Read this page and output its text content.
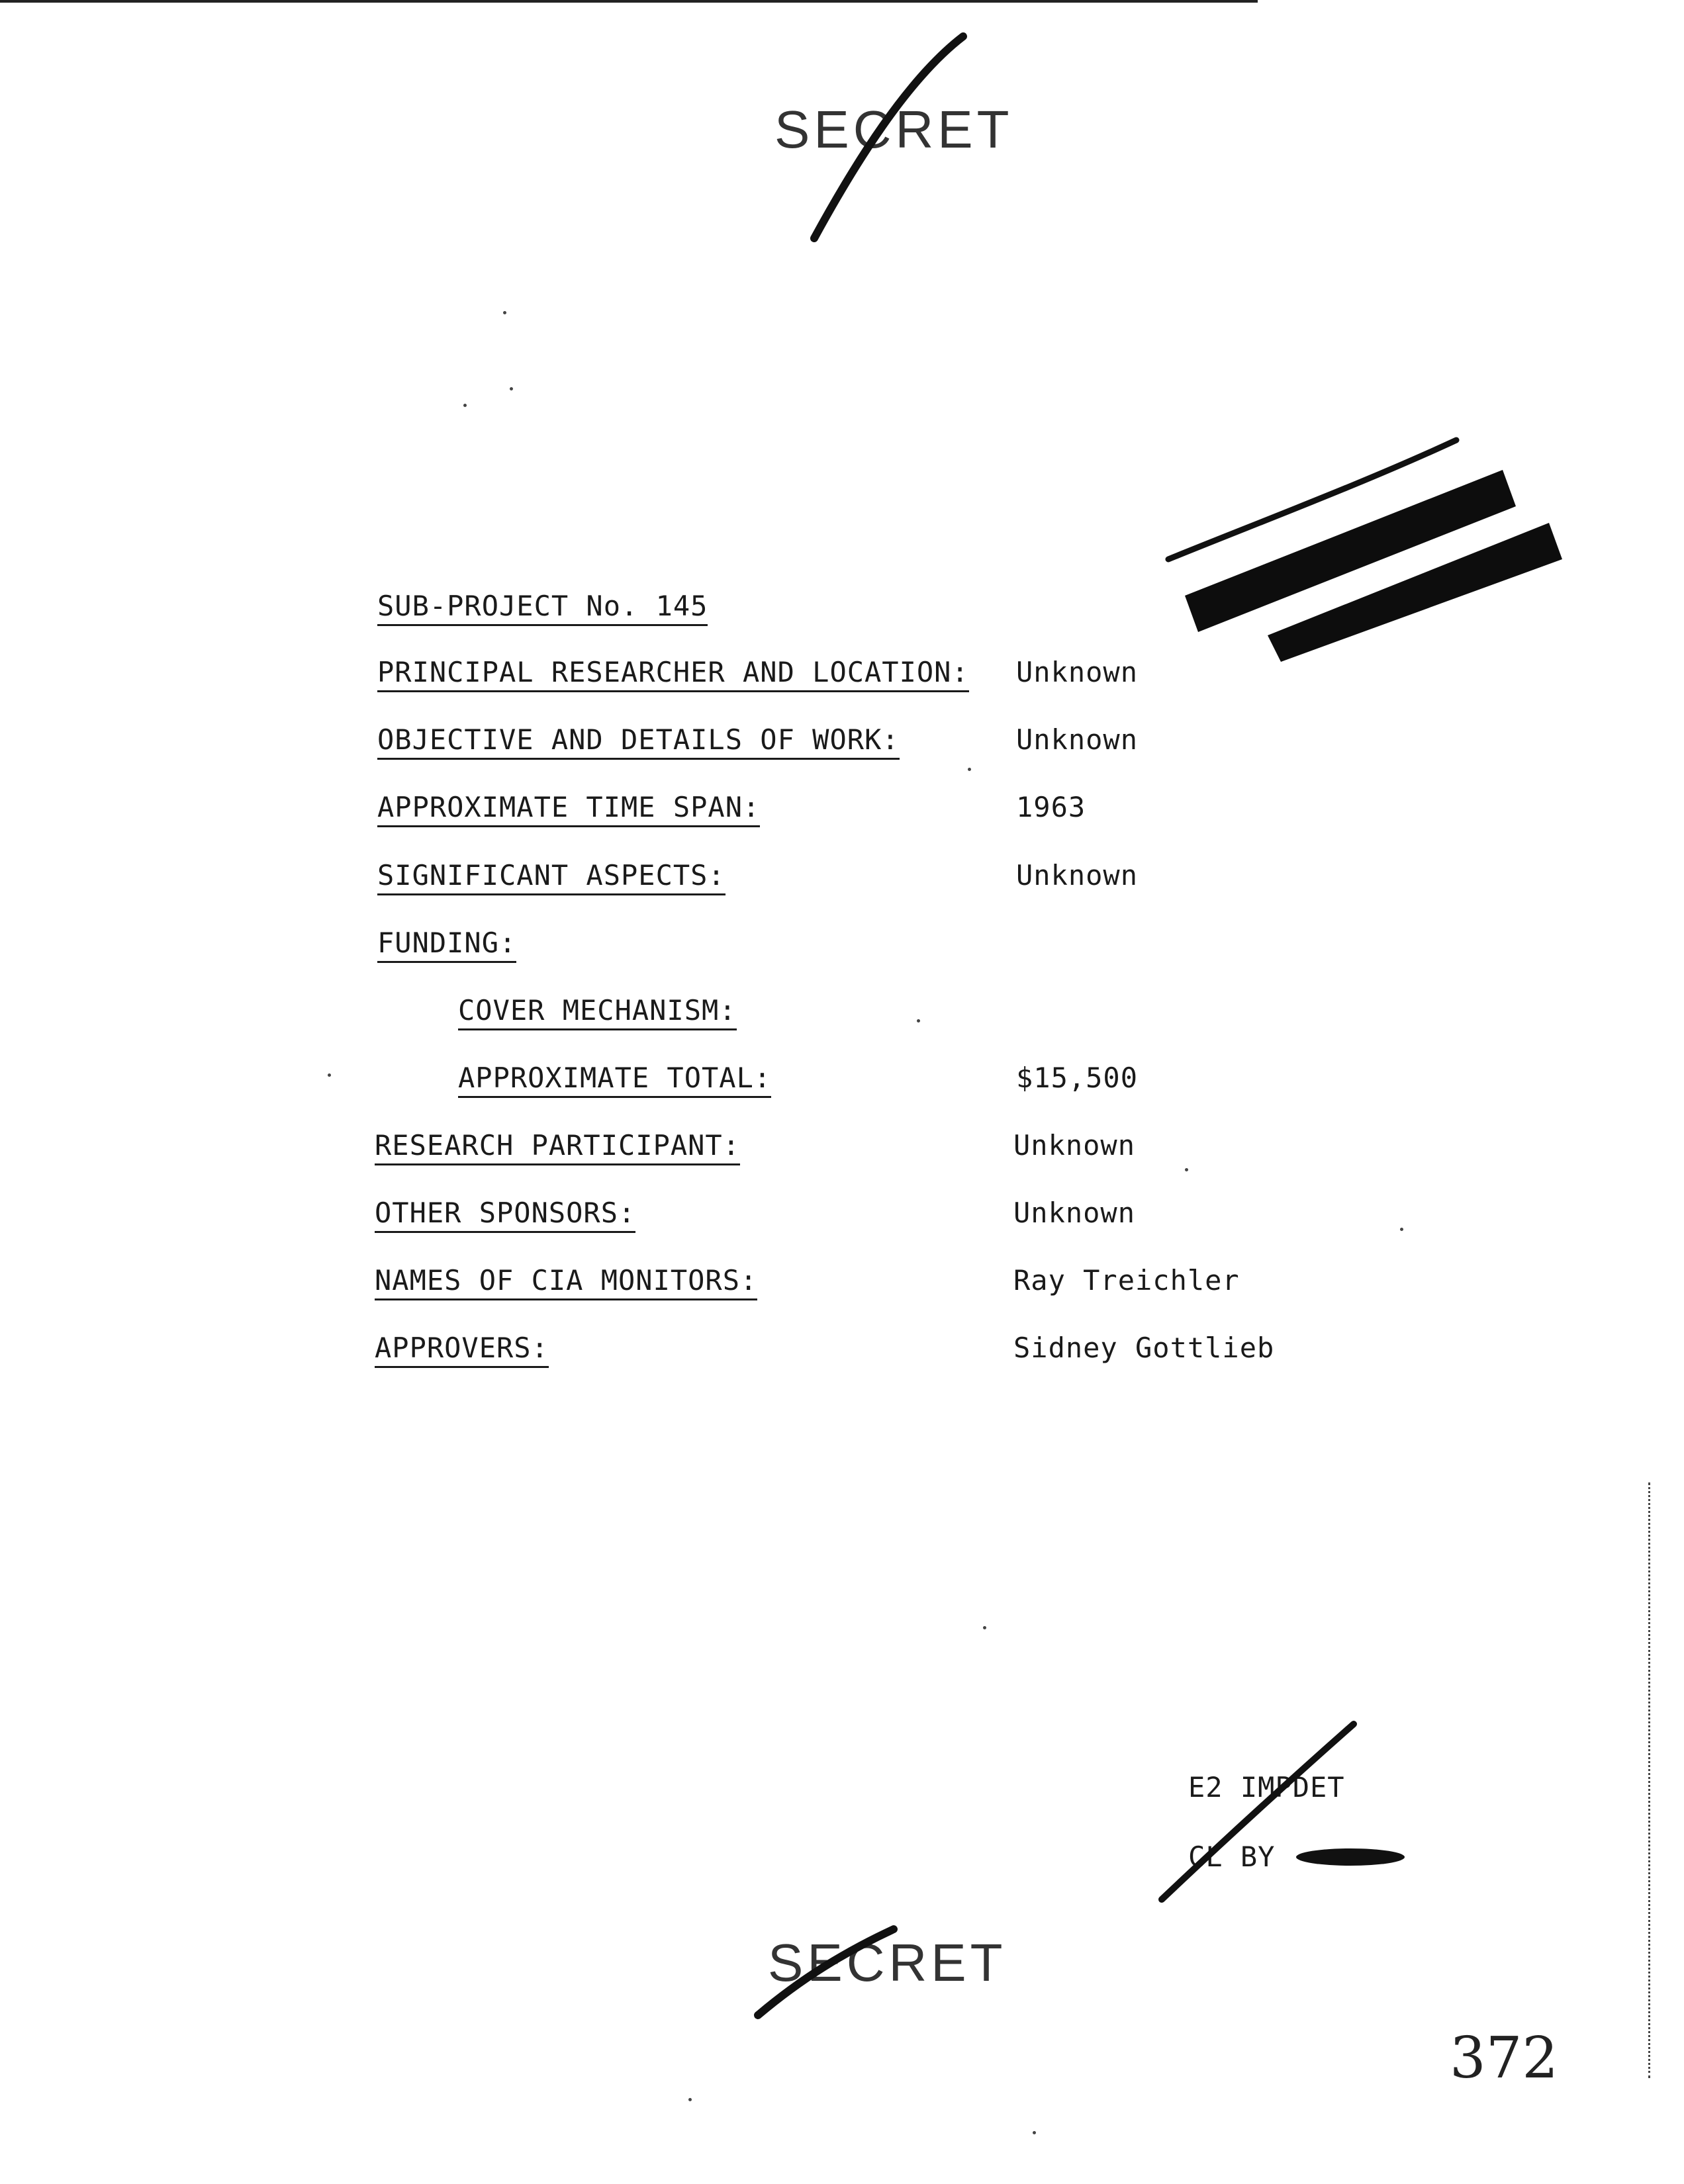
SECRET
SUB-PROJECT No. 145
PRINCIPAL RESEARCHER AND LOCATION:
OBJECTIVE AND DETAILS OF WORK:
APPROXIMATE TIME SPAN:
SIGNIFICANT ASPECTS:
FUNDING:
COVER MECHANISM:
APPROXIMATE TOTAL:
RESEARCH PARTICIPANT:
OTHER SPONSORS:
NAMES OF CIA MONITORS:
APPROVERS:
Unknown
Unknown
1963
Unknown
$15,500
Unknown
Unknown
Ray Treichler
Sidney Gottlieb
E2 IMPDET
CL BY
SECRET
372
